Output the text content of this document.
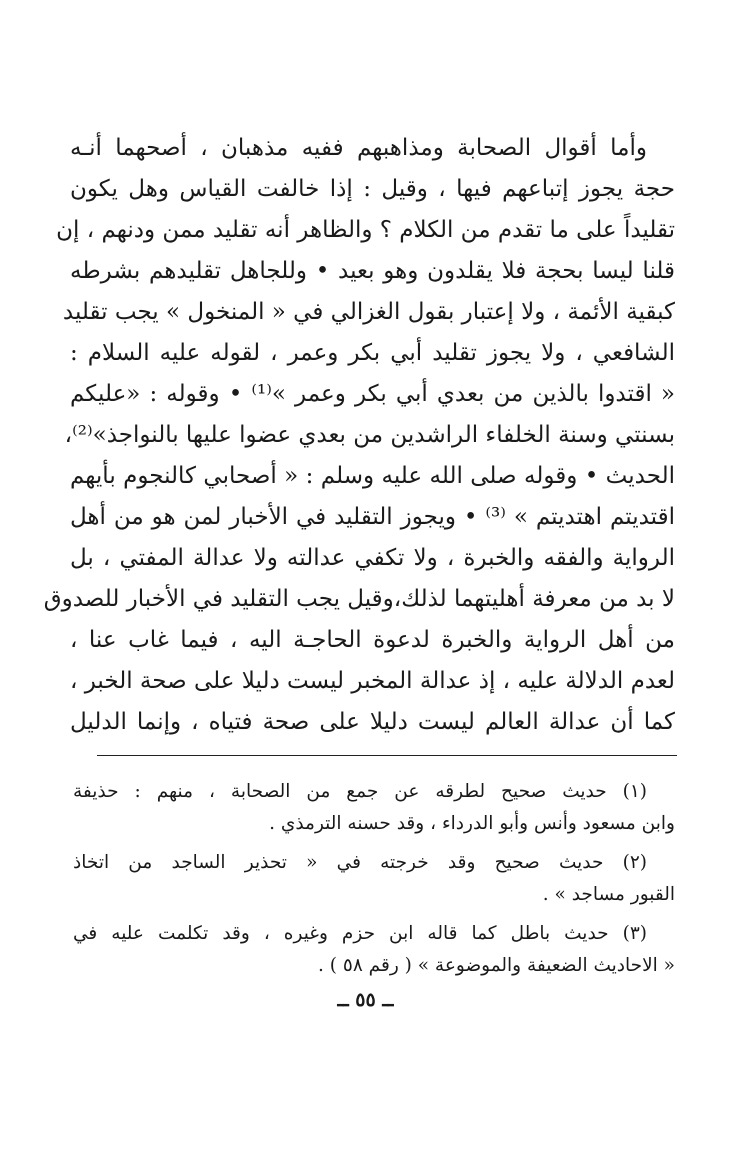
وأما أقوال الصحابة ومذاهبهم ففيه مذهبان ، أصحهما أنـه
حجة يجوز إتباعهم فيها ، وقيل : إذا خالفت القياس وهل يكون
تقليداً على ما تقدم من الكلام ؟ والظاهر أنه تقليد ممن ودنهم ، إن
قلنا ليسا بحجة فلا يقلدون وهو بعيد • وللجاهل تقليدهم بشرطه
كبقية الأئمة ، ولا إعتبار بقول الغزالي في « المنخول » يجب تقليد
الشافعي ، ولا يجوز تقليد أبي بكر وعمر ، لقوله عليه السلام :
« اقتدوا بالذين من بعدي أبي بكر وعمر »⁽¹⁾ • وقوله : «عليكم
بسنتي وسنة الخلفاء الراشدين من بعدي عضوا عليها بالنواجذ»⁽²⁾،
الحديث • وقوله صلى الله عليه وسلم : « أصحابي كالنجوم بأيهم
اقتديتم اهتديتم » ⁽³⁾ • ويجوز التقليد في الأخبار لمن هو من أهل
الرواية والفقه والخبرة ، ولا تكفي عدالته ولا عدالة المفتي ، بل
لا بد من معرفة أهليتهما لذلك،وقيل يجب التقليد في الأخبار للصدوق
من أهل الرواية والخبرة لدعوة الحاجـة اليه ، فيما غاب عنا ،
لعدم الدلالة عليه ، إذ عدالة المخبر ليست دليلا على صحة الخبر ،
كما أن عدالة العالم ليست دليلا على صحة فتياه ، وإنما الدليل
(١) حديث صحيح لطرقه عن جمع من الصحابة ، منهم : حذيفة
وابن مسعود وأنس وأبو الدرداء ، وقد حسنه الترمذي .
(٢) حديث صحيح وقد خرجته في « تحذير الساجد من اتخاذ
القبور مساجد » .
(٣) حديث باطل كما قاله ابن حزم وغيره ، وقد تكلمت عليه في
« الاحاديث الضعيفة والموضوعة » ( رقم ٥٨ ) .
ــ ٥٥ ــ
